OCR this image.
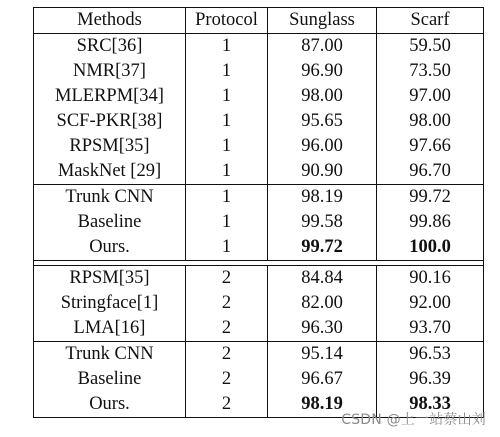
Methods	Protocol	Sunglass	Scarf
SRC[36]	1	87.00	59.50
NMR[37]	1	96.90	73.50
MLERPM[34]	1	98.00	97.00
SCF-PKR[38]	1	95.65	98.00
RPSM[35]	1	96.00	97.66
MaskNet [29]	1	90.90	96.70
Trunk CNN	1	98.19	99.72
Baseline	1	99.58	99.86
Ours.	1	99.72	100.0
RPSM[35]	2	84.84	90.16
Stringface[1]	2	82.00	92.00
LMA[16]	2	96.30	93.70
Trunk CNN	2	95.14	96.53
Baseline	2	96.67	96.39
Ours.	2	98.19	98.33
CSDN @上一站蔡山刘
